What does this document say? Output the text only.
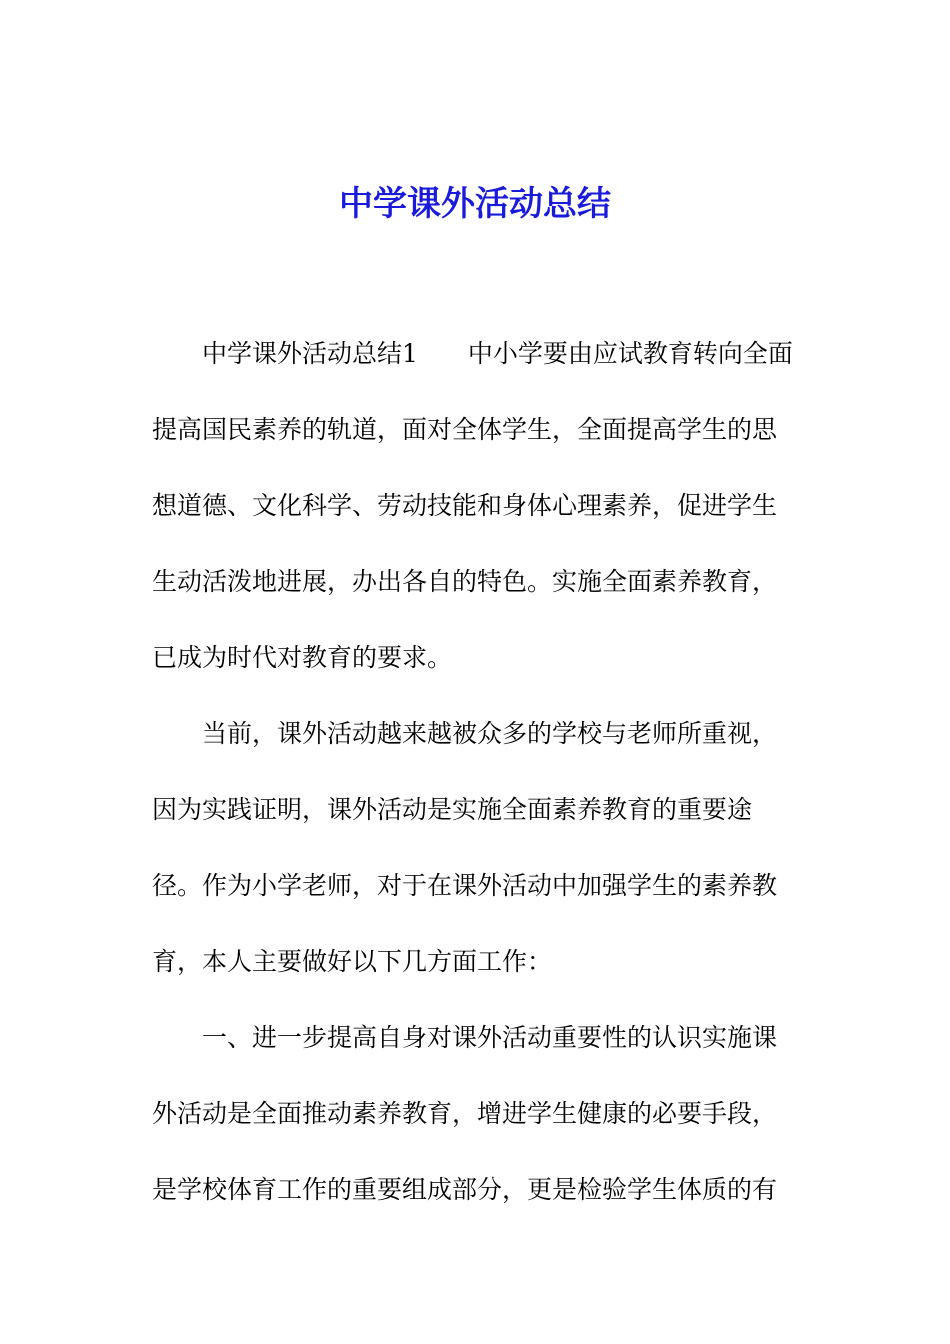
中学课外活动总结
中学课外活动总结1 中小学要由应试教育转向全面
提高国民素养的轨道，面对全体学生，全面提高学生的思
想道德、文化科学、劳动技能和身体心理素养，促进学生
生动活泼地进展，办出各自的特色。实施全面素养教育，
已成为时代对教育的要求。
当前，课外活动越来越被众多的学校与老师所重视，
因为实践证明，课外活动是实施全面素养教育的重要途
径。作为小学老师，对于在课外活动中加强学生的素养教
育，本人主要做好以下几方面工作：
一、进一步提高自身对课外活动重要性的认识实施课
外活动是全面推动素养教育，增进学生健康的必要手段，
是学校体育工作的重要组成部分，更是检验学生体质的有
